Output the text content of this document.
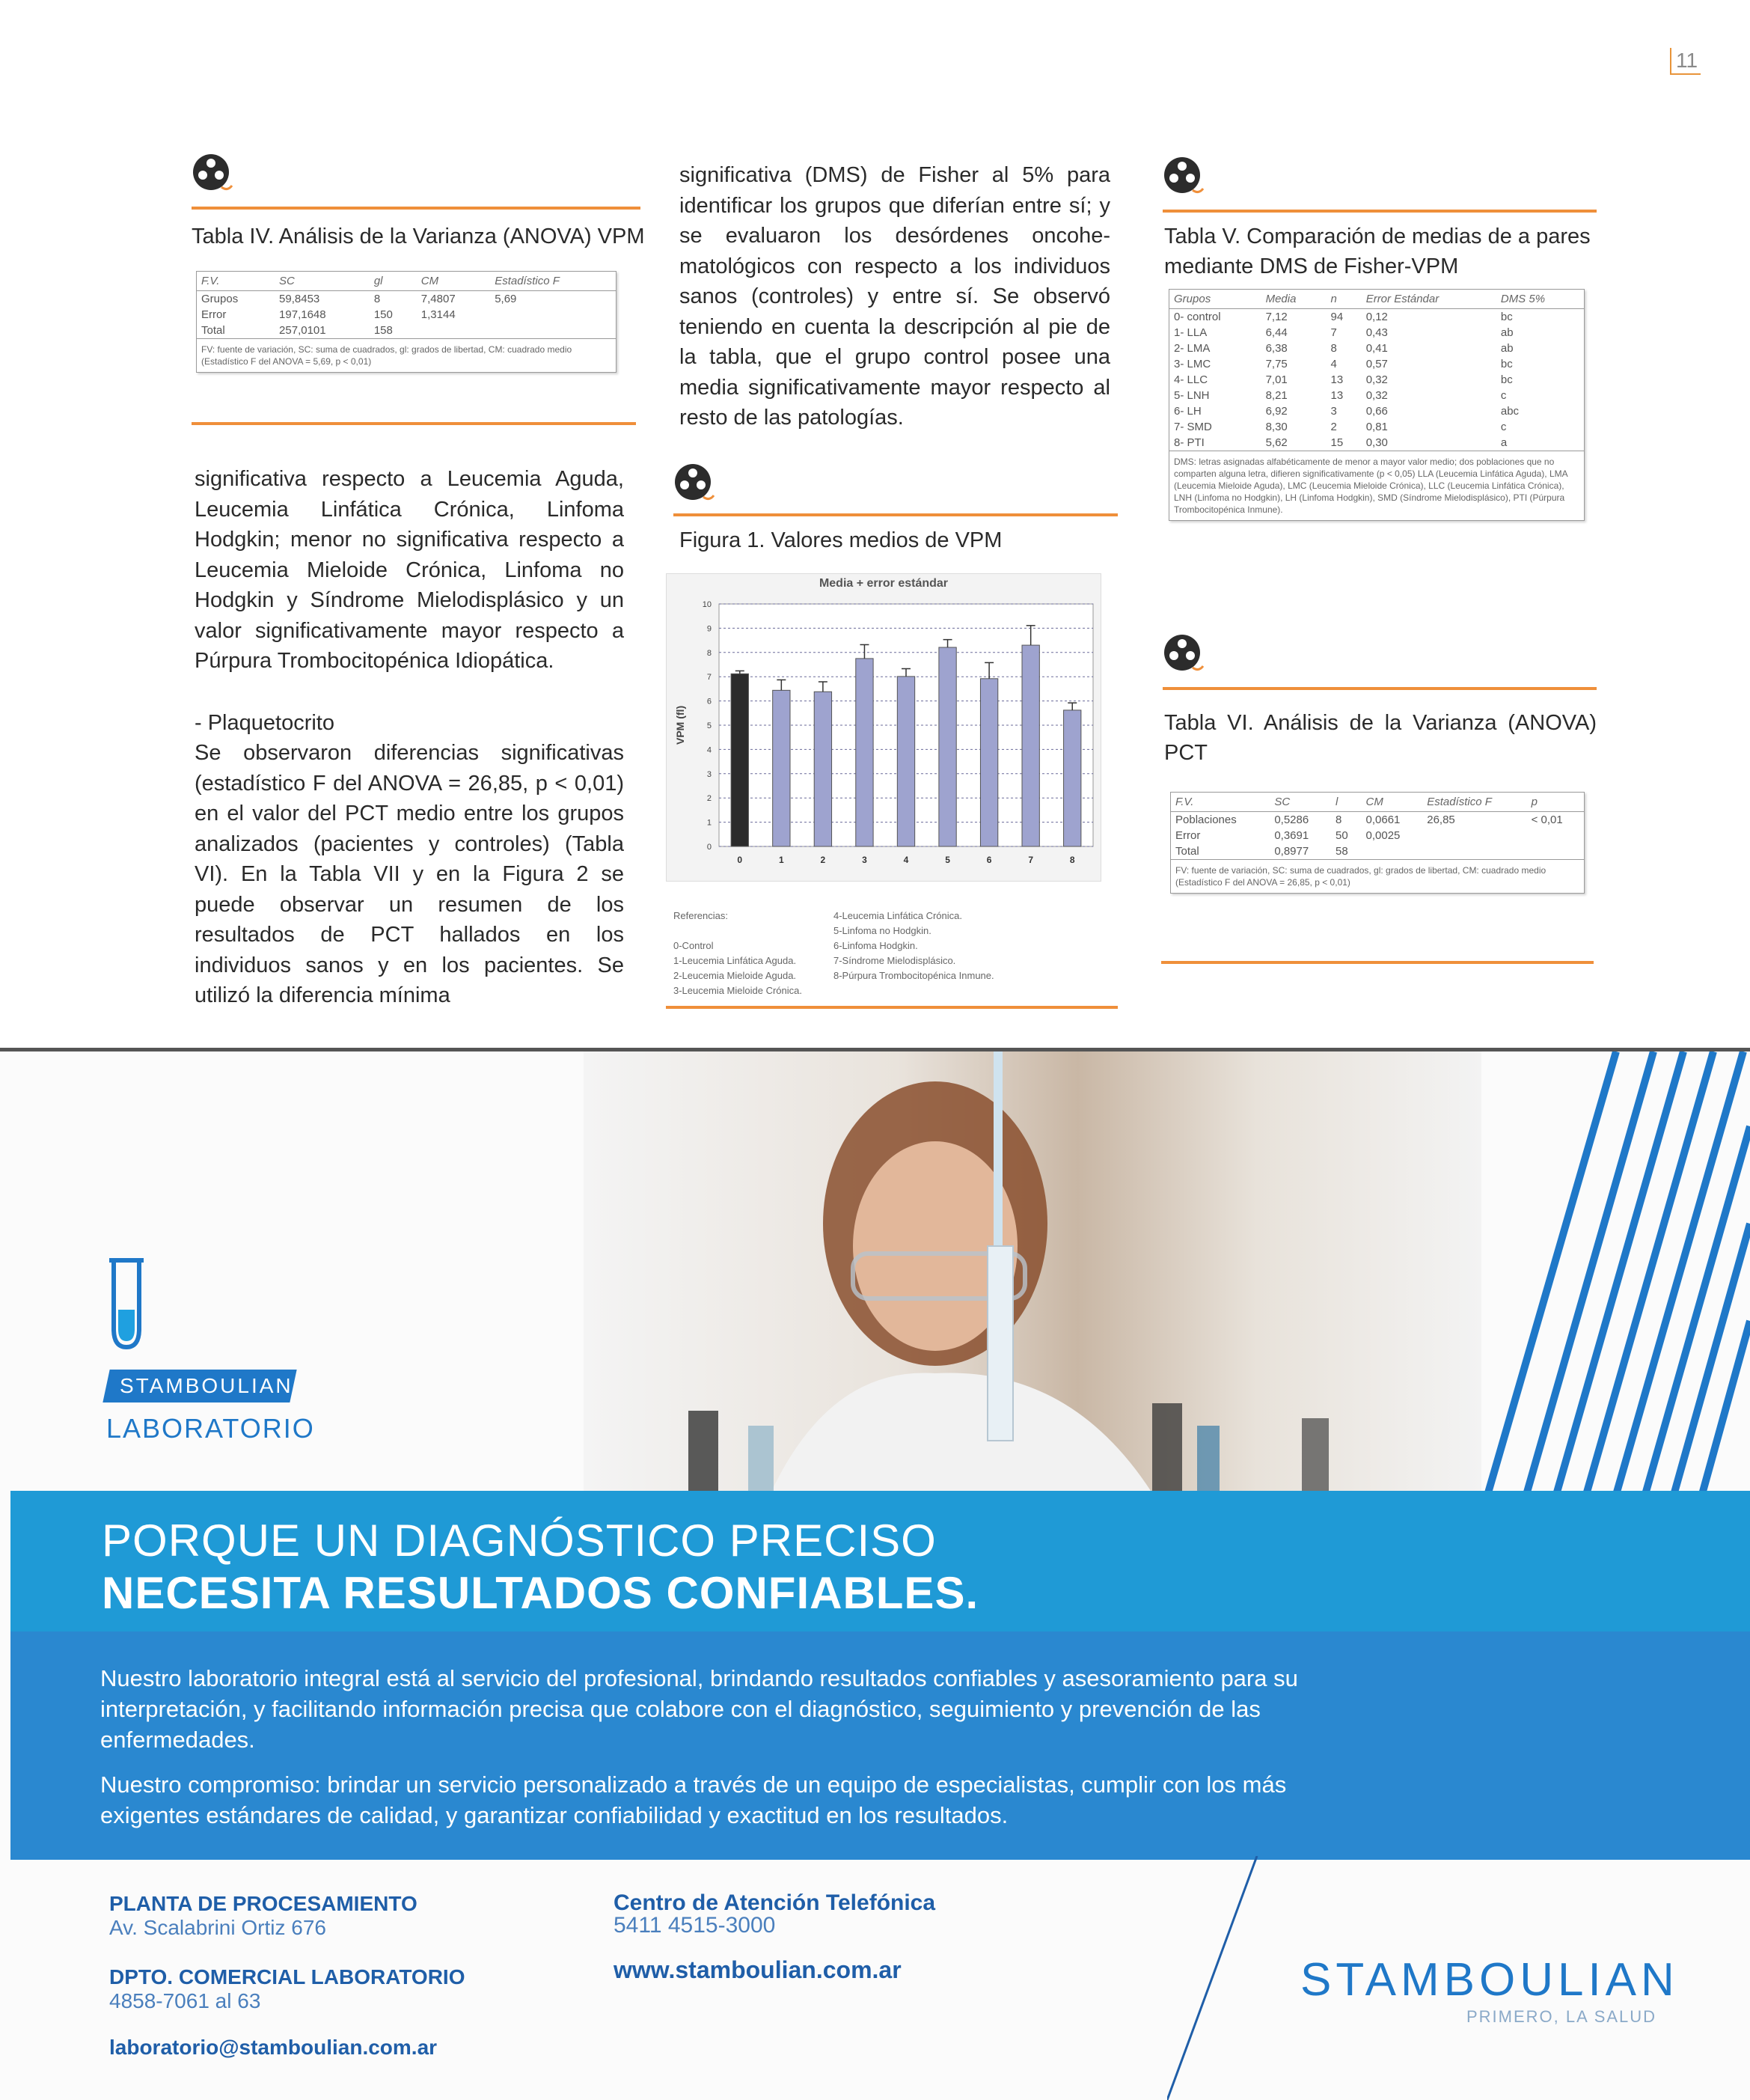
11
Tabla IV. Análisis de la Varianza (ANOVA) VPM
F.V.	SC	gl	CM	Estadístico F
Grupos	59,8453	8	7,4807	5,69
Error	197,1648	150	1,3144	
Total	257,0101	158		
FV: fuente de variación, SC: suma de cuadrados, gl: grados de libertad, CM: cuadrado medio (Estadístico F del ANOVA = 5,69, p < 0,01)
significativa respecto a Leucemia Aguda, Leucemia Linfática Crónica, Linfoma Hodgkin; menor no significativa respecto a Leucemia Mieloide Crónica, Linfoma no Hodgkin y Síndrome Mielodisplásico y un valor significativamente mayor respecto a Púrpura Trombocitopénica Idiopática.
- Plaquetocrito
Se observaron diferencias significativas (estadístico F del ANOVA = 26,85, p < 0,01) en el valor del PCT medio entre los grupos analizados (pacientes y controles) (Tabla VI). En la Tabla VII y en la Figura 2 se puede observar un resumen de los resultados de PCT hallados en los individuos sanos y en los pacientes. Se utilizó la diferencia mínima
significativa (DMS) de Fisher al 5% para identificar los grupos que diferían entre sí; y se evaluaron los desórdenes oncohe-matológicos con respecto a los individuos sanos (controles) y entre sí. Se observó teniendo en cuenta la descripción al pie de la tabla, que el grupo control posee una media significativamente mayor respecto al resto de las patologías.
Figura 1. Valores medios de VPM
Media + error estándar
VPM (fl)
0
1
2
3
4
5
6
7
8
9
10
0	1	2	3	4	5	6	7	8
Referencias:
0-Control
1-Leucemia Linfática Aguda.
2-Leucemia Mieloide Aguda.
3-Leucemia Mieloide Crónica.
4-Leucemia Linfática Crónica.
5-Linfoma no Hodgkin.
6-Linfoma Hodgkin.
7-Síndrome Mielodisplásico.
8-Púrpura Trombocitopénica Inmune.
Tabla V. Comparación de medias de a pares mediante DMS de Fisher-VPM
Grupos	Media	n	Error Estándar	DMS 5%
0- control	7,12	94	0,12	bc
1- LLA	6,44	7	0,43	ab
2- LMA	6,38	8	0,41	ab
3- LMC	7,75	4	0,57	bc
4- LLC	7,01	13	0,32	bc
5- LNH	8,21	13	0,32	c
6- LH	6,92	3	0,66	abc
7- SMD	8,30	2	0,81	c
8- PTI	5,62	15	0,30	a
DMS: letras asignadas alfabéticamente de menor a mayor valor medio; dos poblaciones que no comparten alguna letra, difieren significativamente (p < 0,05) LLA (Leucemia Linfática Aguda), LMA (Leucemia Mieloide Aguda), LMC (Leucemia Mieloide Crónica), LLC (Leucemia Linfática Crónica), LNH (Linfoma no Hodgkin), LH (Linfoma Hodgkin), SMD (Síndrome Mielodisplásico), PTI (Púrpura Trombocitopénica Inmune).
Tabla VI. Análisis de la Varianza (ANOVA) PCT
F.V.	SC	l	CM	Estadístico F	p
Poblaciones	0,5286	8	0,0661	26,85	< 0,01
Error	0,3691	50	0,0025		
Total	0,8977	58			
FV: fuente de variación, SC: suma de cuadrados, gl: grados de libertad, CM: cuadrado medio (Estadístico F del ANOVA = 26,85, p < 0,01)
STAMBOULIAN
LABORATORIO
PORQUE UN DIAGNÓSTICO PRECISO
NECESITA RESULTADOS CONFIABLES.
Nuestro laboratorio integral está al servicio del profesional, brindando resultados confiables y asesoramiento para su interpretación, y facilitando información precisa que colabore con el diagnóstico, seguimiento y prevención de las enfermedades.
Nuestro compromiso: brindar un servicio personalizado a través de un equipo de especialistas, cumplir con los más exigentes estándares de calidad, y garantizar confiabilidad y exactitud en los resultados.
PLANTA DE PROCESAMIENTO
Av. Scalabrini Ortiz 676
DPTO. COMERCIAL LABORATORIO
4858-7061 al 63
laboratorio@stamboulian.com.ar
Centro de Atención Telefónica
5411 4515-3000
www.stamboulian.com.ar	STAMBOULIAN
PRIMERO, LA SALUD
